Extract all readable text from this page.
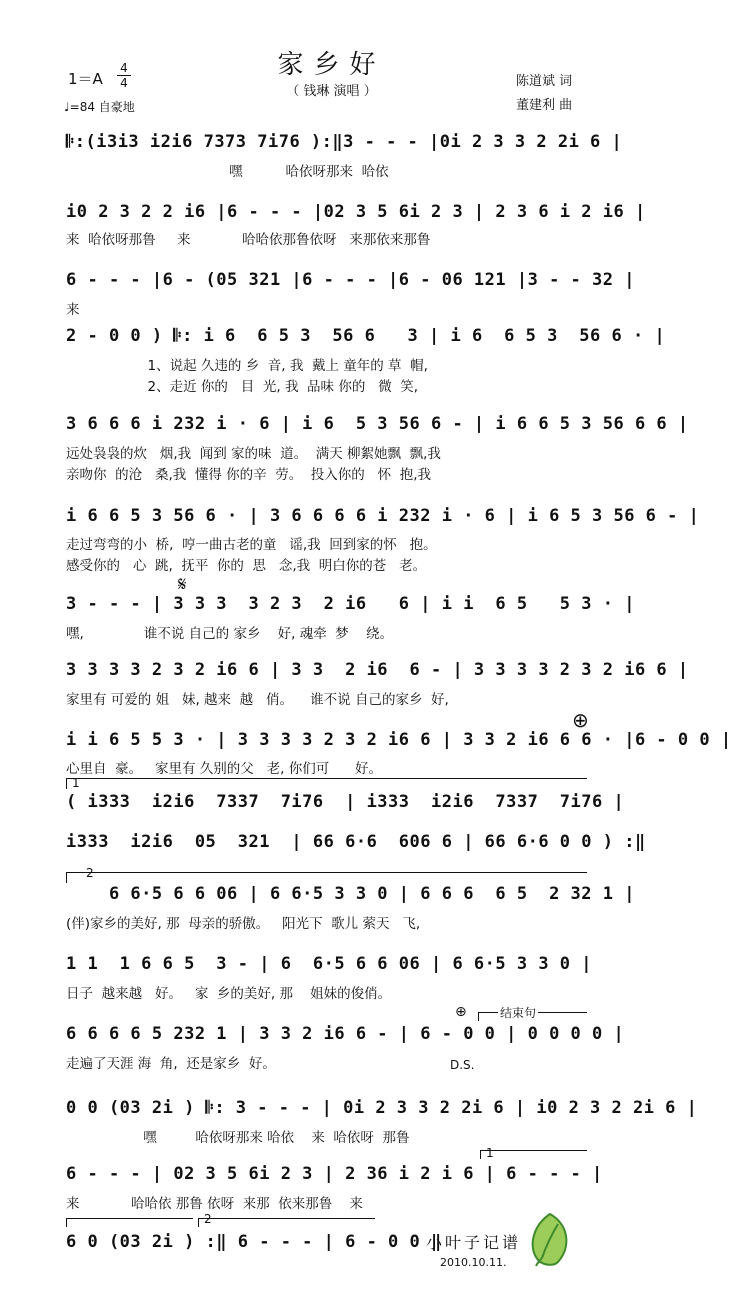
家乡好
（ 钱琳 演唱 ）
1＝A
4
4
♩=84 自豪地
陈道斌 词
董建利 曲
𝄆:(i3i3 i2i6 7373 7i76 ):‖3 - - - |0i 2 3 3 2 2i 6 |
嘿          哈依呀那来  哈依
i0 2 3 2 2 i6 |6 - - - |02 3 5 6i 2 3 | 2 3 6 i 2 i6 |
来  哈依呀那鲁     来            哈哈依那鲁依呀   来那依来那鲁
6 - - - |6 - (05 321 |6 - - - |6 - 06 121 |3 - - 32 |
来
2 - 0 0 ) 𝄆: i 6  6 5 3  56 6   3 | i 6  6 5 3  56 6 · |
1、说起 久违的 乡  音, 我  戴上 童年的 草  帽,
2、走近 你的   目  光, 我  品味 你的   微  笑,
3 6 6 6 i 232 i · 6 | i 6  5 3 56 6 - | i 6 6 5 3 56 6 6 |
远处袅袅的炊   烟,我  闻到 家的味  道。  满天 柳絮她飘  飘,我
亲吻你  的沧   桑,我  懂得 你的辛  劳。  投入你的   怀  抱,我
i 6 6 5 3 56 6 · | 3 6 6 6 6 i 232 i · 6 | i 6 5 3 56 6 - |
走过弯弯的小  桥,  哼一曲古老的童   谣,我  回到家的怀   抱。
感受你的   心  跳,  抚平  你的  思   念,我  明白你的苍   老。
𝄋
3 - - - | 3 3 3  3 2 3  2 i6   6 | i i  6 5   5 3 · |
嘿,              谁不说 自己的 家乡    好, 魂牵  梦    绕。
3 3 3 3 2 3 2 i6 6 | 3 3  2 i6  6 - | 3 3 3 3 2 3 2 i6 6 |
家里有 可爱的 姐   妹, 越来  越   俏。    谁不说 自己的家乡  好,
⊕
i i 6 5 5 3 · | 3 3 3 3 2 3 2 i6 6 | 3 3 2 i6 6 6 · |6 - 0 0 |
心里自  豪。   家里有 久别的父   老, 你们可      好。
1
( i333  i2i6  7337  7i76  | i333  i2i6  7337  7i76 |
i333  i2i6  05  321  | 66 6·6  606 6 | 66 6·6 0 0 ) :‖
2
6 6·5 6 6 06 | 6 6·5 3 3 0 | 6 6 6  6 5  2 32 1 |
(伴)家乡的美好, 那  母亲的骄傲。   阳光下  歌儿 萦天   飞,
1 1  1 6 6 5  3 - | 6  6·5 6 6 06 | 6 6·5 3 3 0 |
日子  越来越   好。   家  乡的美好, 那    姐妹的俊俏。
⊕	结束句
6 6 6 6 5 232 1 | 3 3 2 i6 6 - | 6 - 0 0 | 0 0 0 0 |
走遍了天涯 海  角,  还是家乡  好。	D.S.
0 0 (03 2i ) 𝄆: 3 - - - | 0i 2 3 3 2 2i 6 | i0 2 3 2 2i 6 |
嘿         哈依呀那来 哈依    来  哈依呀  那鲁
1
6 - - - | 02 3 5 6i 2 3 | 2 36 i 2 i 6 | 6 - - - |
来            哈哈依 那鲁 依呀  来那  依来那鲁    来
2
6 0 (03 2i ) :‖ 6 - - - | 6 - 0 0 ‖
小叶子记谱
2010.10.11.
